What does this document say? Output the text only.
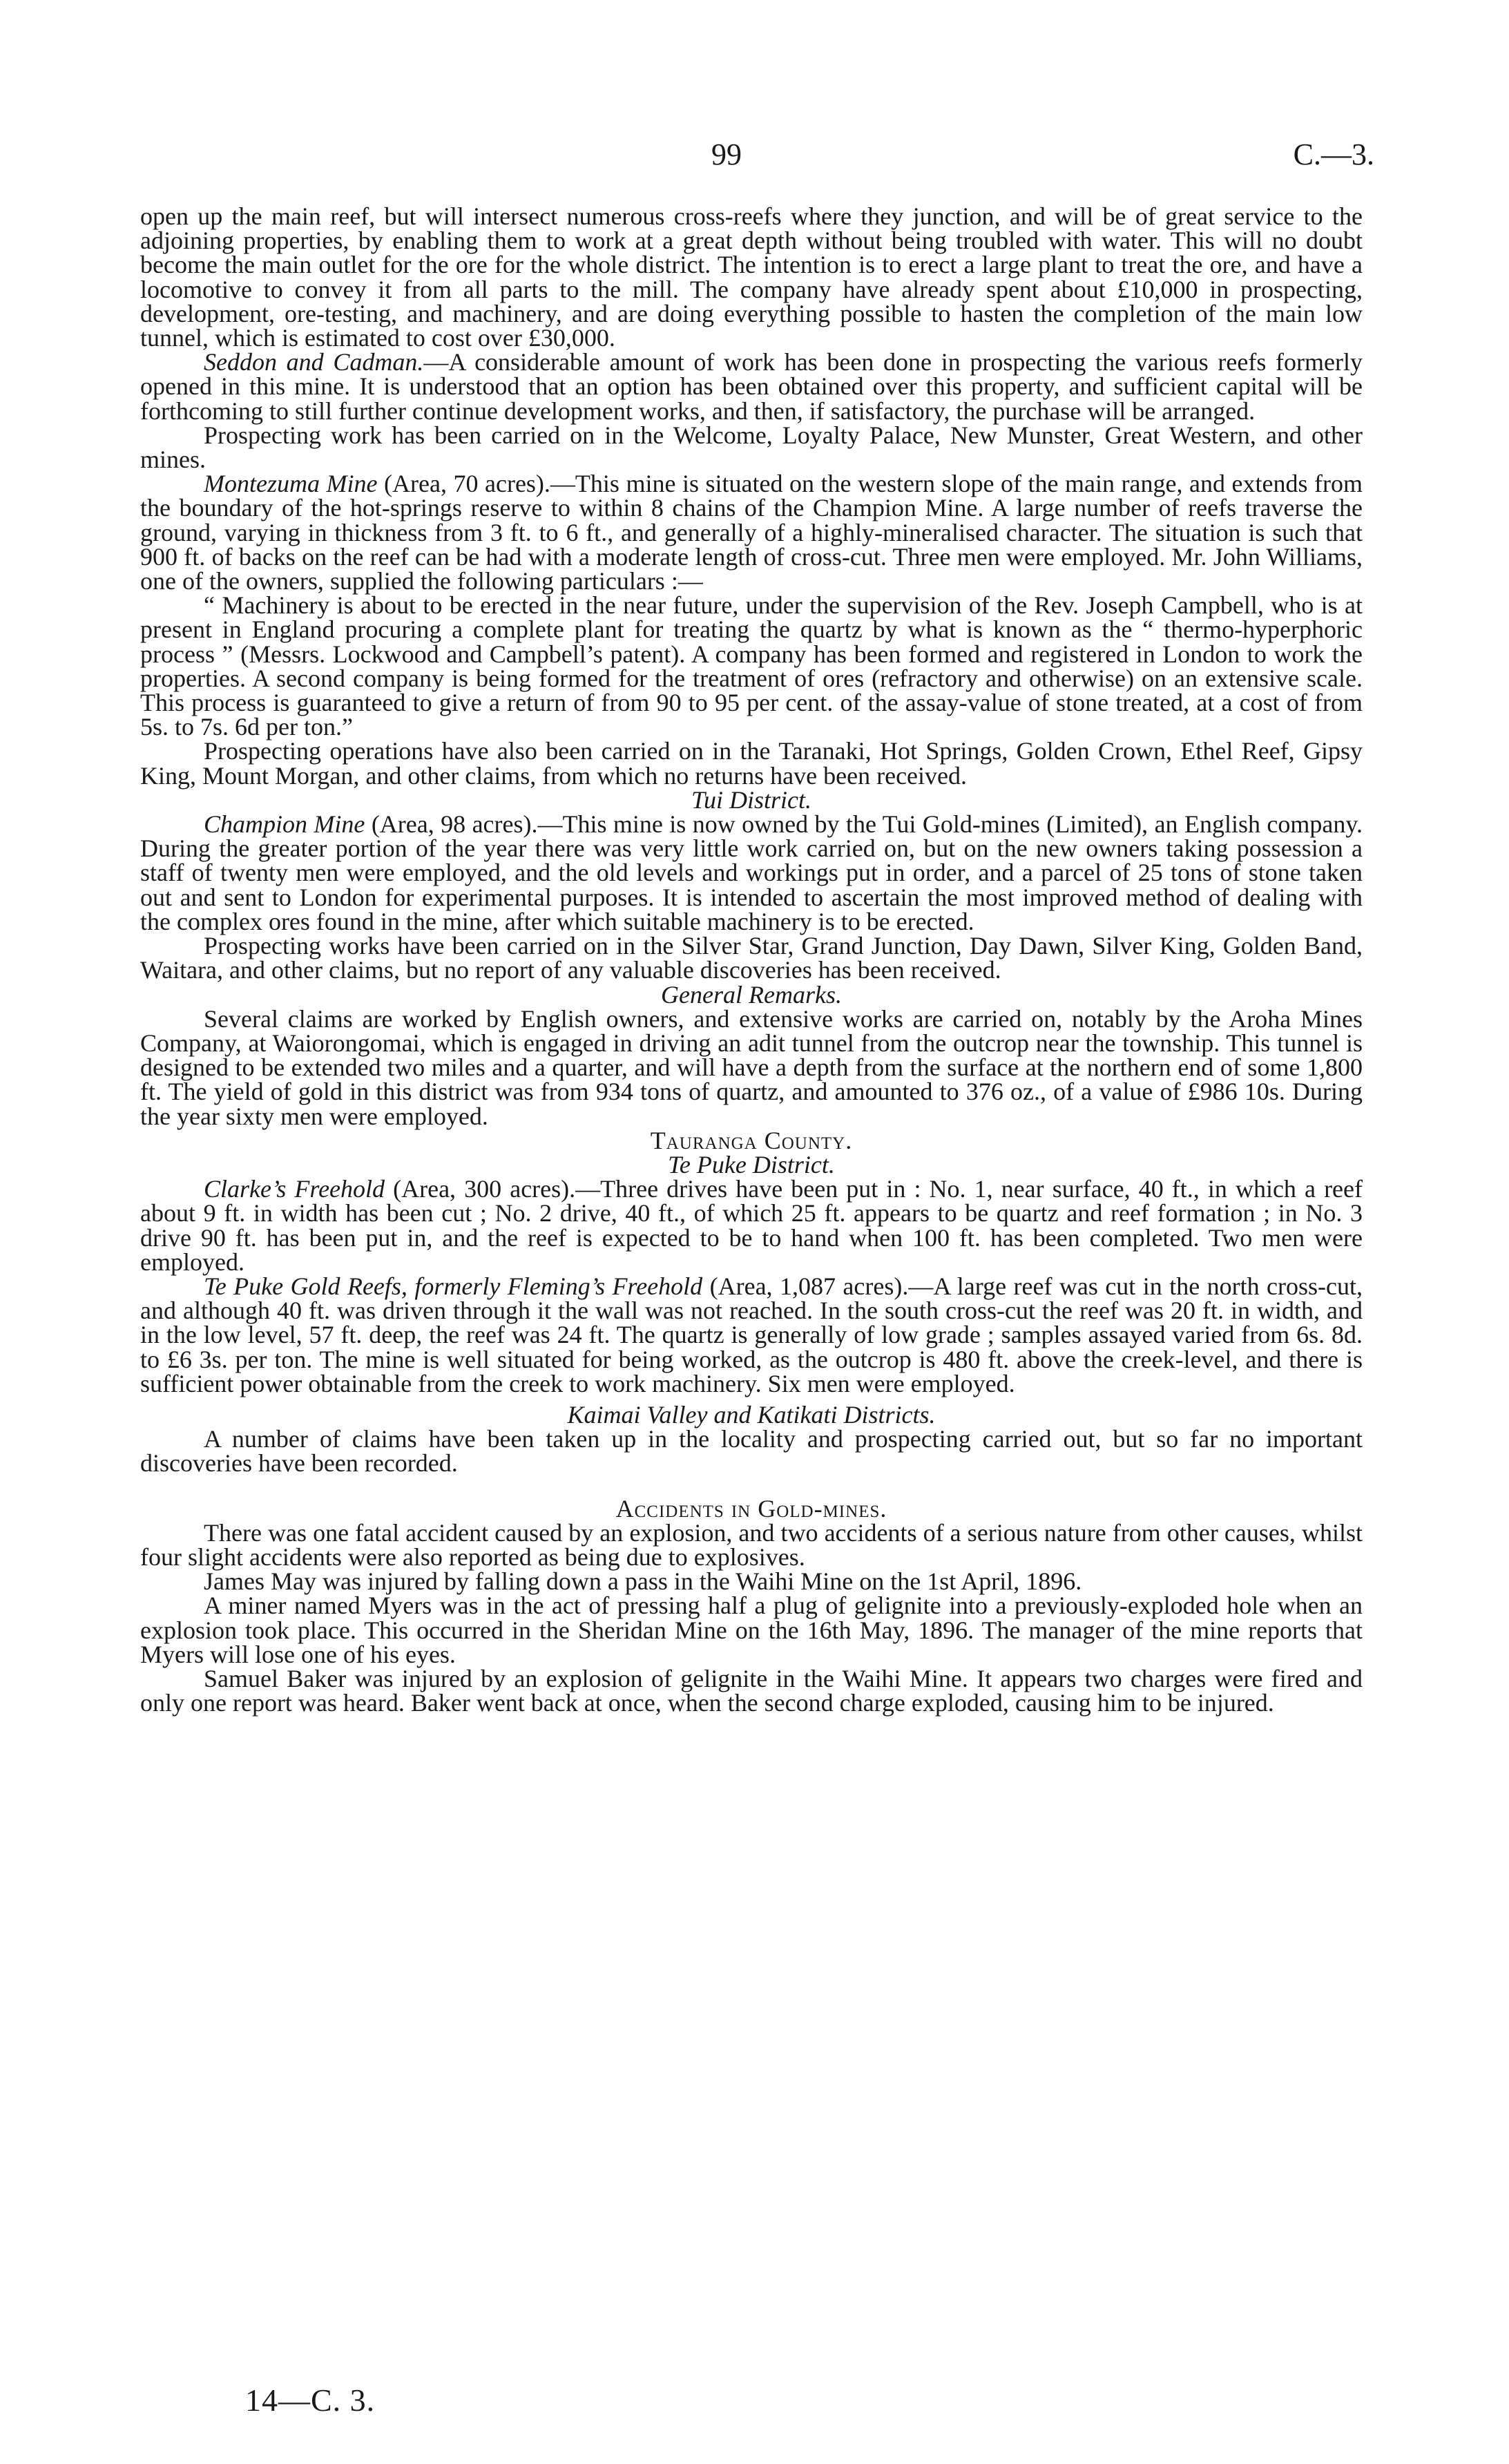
99	C.—3.

open up the main reef, but will intersect numerous cross-reefs where they junction, and will be of great service to the adjoining properties, by enabling them to work at a great depth without being troubled with water. This will no doubt become the main outlet for the ore for the whole district. The intention is to erect a large plant to treat the ore, and have a locomotive to convey it from all parts to the mill. The company have already spent about £10,000 in prospecting, development, ore-testing, and machinery, and are doing everything possible to hasten the completion of the main low tunnel, which is estimated to cost over £30,000.

Seddon and Cadman.—A considerable amount of work has been done in prospecting the various reefs formerly opened in this mine. It is understood that an option has been obtained over this property, and sufficient capital will be forthcoming to still further continue development works, and then, if satisfactory, the purchase will be arranged.

Prospecting work has been carried on in the Welcome, Loyalty Palace, New Munster, Great Western, and other mines.

Montezuma Mine (Area, 70 acres).—This mine is situated on the western slope of the main range, and extends from the boundary of the hot-springs reserve to within 8 chains of the Champion Mine. A large number of reefs traverse the ground, varying in thickness from 3 ft. to 6 ft., and generally of a highly-mineralised character. The situation is such that 900 ft. of backs on the reef can be had with a moderate length of cross-cut. Three men were employed. Mr. John Williams, one of the owners, supplied the following particulars :—

“ Machinery is about to be erected in the near future, under the supervision of the Rev. Joseph Campbell, who is at present in England procuring a complete plant for treating the quartz by what is known as the “ thermo-hyperphoric process ” (Messrs. Lockwood and Campbell’s patent). A company has been formed and registered in London to work the properties. A second company is being formed for the treatment of ores (refractory and otherwise) on an extensive scale. This process is guaranteed to give a return of from 90 to 95 per cent. of the assay-value of stone treated, at a cost of from 5s. to 7s. 6d per ton.”

Prospecting operations have also been carried on in the Taranaki, Hot Springs, Golden Crown, Ethel Reef, Gipsy King, Mount Morgan, and other claims, from which no returns have been received.

Tui District.

Champion Mine (Area, 98 acres).—This mine is now owned by the Tui Gold-mines (Limited), an English company. During the greater portion of the year there was very little work carried on, but on the new owners taking possession a staff of twenty men were employed, and the old levels and workings put in order, and a parcel of 25 tons of stone taken out and sent to London for experimental purposes. It is intended to ascertain the most improved method of dealing with the complex ores found in the mine, after which suitable machinery is to be erected.

Prospecting works have been carried on in the Silver Star, Grand Junction, Day Dawn, Silver King, Golden Band, Waitara, and other claims, but no report of any valuable discoveries has been received.

General Remarks.

Several claims are worked by English owners, and extensive works are carried on, notably by the Aroha Mines Company, at Waiorongomai, which is engaged in driving an adit tunnel from the outcrop near the township. This tunnel is designed to be extended two miles and a quarter, and will have a depth from the surface at the northern end of some 1,800 ft. The yield of gold in this district was from 934 tons of quartz, and amounted to 376 oz., of a value of £986 10s. During the year sixty men were employed.

Tauranga County.
Te Puke District.

Clarke’s Freehold (Area, 300 acres).—Three drives have been put in : No. 1, near surface, 40 ft., in which a reef about 9 ft. in width has been cut ; No. 2 drive, 40 ft., of which 25 ft. appears to be quartz and reef formation ; in No. 3 drive 90 ft. has been put in, and the reef is expected to be to hand when 100 ft. has been completed. Two men were employed.

Te Puke Gold Reefs, formerly Fleming’s Freehold (Area, 1,087 acres).—A large reef was cut in the north cross-cut, and although 40 ft. was driven through it the wall was not reached. In the south cross-cut the reef was 20 ft. in width, and in the low level, 57 ft. deep, the reef was 24 ft. The quartz is generally of low grade ; samples assayed varied from 6s. 8d. to £6 3s. per ton. The mine is well situated for being worked, as the outcrop is 480 ft. above the creek-level, and there is sufficient power obtainable from the creek to work machinery. Six men were employed.

Kaimai Valley and Katikati Districts.

A number of claims have been taken up in the locality and prospecting carried out, but so far no important discoveries have been recorded.

Accidents in Gold-mines.

There was one fatal accident caused by an explosion, and two accidents of a serious nature from other causes, whilst four slight accidents were also reported as being due to explosives.

James May was injured by falling down a pass in the Waihi Mine on the 1st April, 1896.

A miner named Myers was in the act of pressing half a plug of gelignite into a previously-exploded hole when an explosion took place. This occurred in the Sheridan Mine on the 16th May, 1896. The manager of the mine reports that Myers will lose one of his eyes.

Samuel Baker was injured by an explosion of gelignite in the Waihi Mine. It appears two charges were fired and only one report was heard. Baker went back at once, when the second charge exploded, causing him to be injured.

14—C. 3.
